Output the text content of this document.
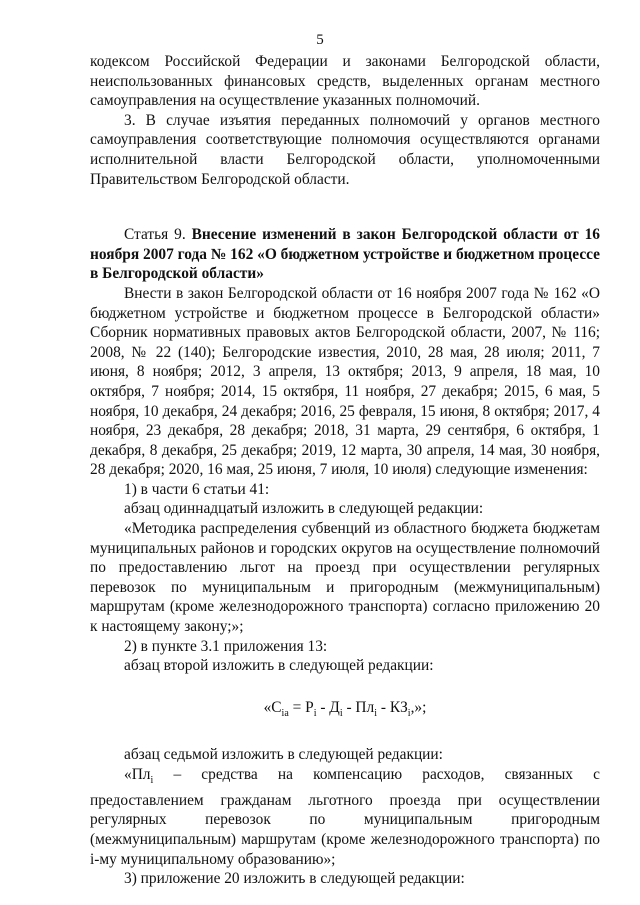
5

кодексом Российской Федерации и законами Белгородской области, неиспользованных финансовых средств, выделенных органам местного самоуправления на осуществление указанных полномочий.

3. В случае изъятия переданных полномочий у органов местного самоуправления соответствующие полномочия осуществляются органами исполнительной власти Белгородской области, уполномоченными Правительством Белгородской области.

Статья 9. Внесение изменений в закон Белгородской области от 16 ноября 2007 года № 162 «О бюджетном устройстве и бюджетном процессе в Белгородской области»

Внести в закон Белгородской области от 16 ноября 2007 года № 162 «О бюджетном устройстве и бюджетном процессе в Белгородской области» Сборник нормативных правовых актов Белгородской области, 2007, № 116; 2008, № 22 (140); Белгородские известия, 2010, 28 мая, 28 июля; 2011, 7 июня, 8 ноября; 2012, 3 апреля, 13 октября; 2013, 9 апреля, 18 мая, 10 октября, 7 ноября; 2014, 15 октября, 11 ноября, 27 декабря; 2015, 6 мая, 5 ноября, 10 декабря, 24 декабря; 2016, 25 февраля, 15 июня, 8 октября; 2017, 4 ноября, 23 декабря, 28 декабря; 2018, 31 марта, 29 сентября, 6 октября, 1 декабря, 8 декабря, 25 декабря; 2019, 12 марта, 30 апреля, 14 мая, 30 ноября, 28 декабря; 2020, 16 мая, 25 июня, 7 июля, 10 июля) следующие изменения:

1) в части 6 статьи 41:

абзац одиннадцатый изложить в следующей редакции:

«Методика распределения субвенций из областного бюджета бюджетам муниципальных районов и городских округов на осуществление полномочий по предоставлению льгот на проезд при осуществлении регулярных перевозок по муниципальным и пригородным (межмуниципальным) маршрутам (кроме железнодорожного транспорта) согласно приложению 20 к настоящему закону;»;

2) в пункте 3.1 приложения 13:

абзац второй изложить в следующей редакции:

«$С_{ia} = Р_i - Д_i - Пл_i - КЗ_i$,»;

абзац седьмой изложить в следующей редакции:

«$Пл_i$ – средства на компенсацию расходов, связанных с предоставлением гражданам льготного проезда при осуществлении регулярных перевозок по муниципальным пригородным (межмуниципальным) маршрутам (кроме железнодорожного транспорта) по i-му муниципальному образованию»;

3) приложение 20 изложить в следующей редакции:
